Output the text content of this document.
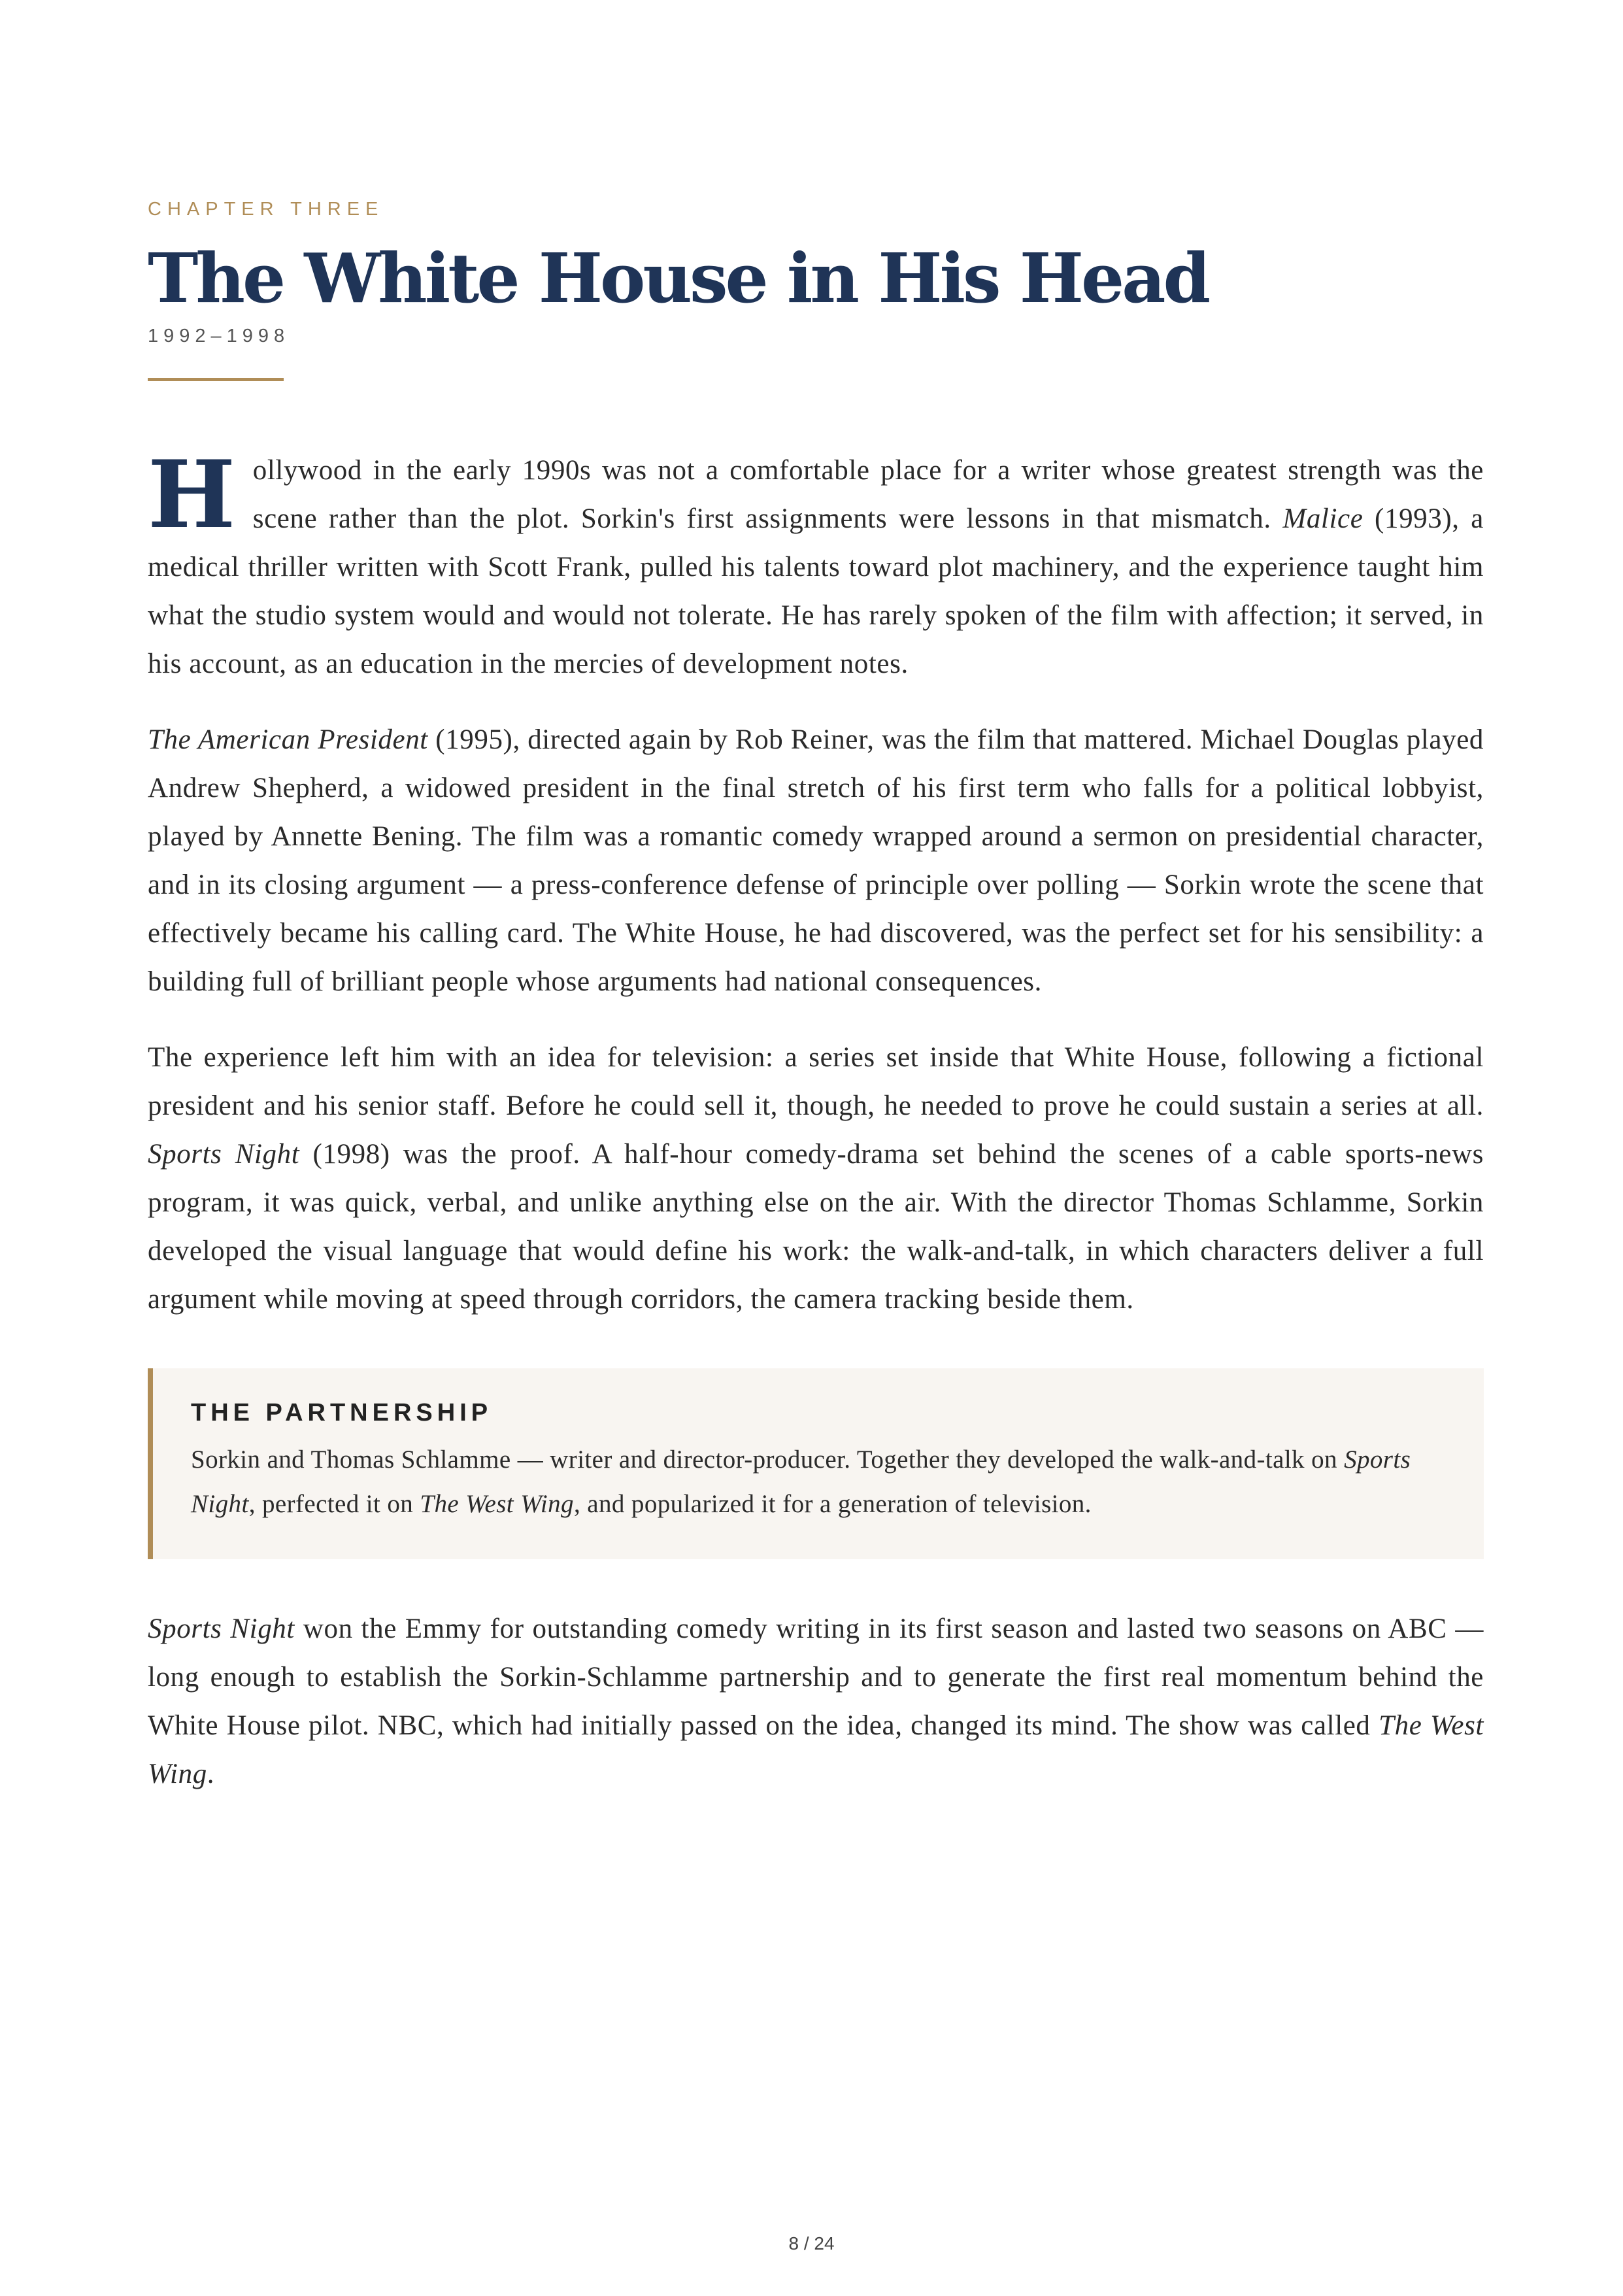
CHAPTER THREE
The White House in His Head
1992–1998

Hollywood in the early 1990s was not a comfortable place for a writer whose greatest strength was the scene rather than the plot. Sorkin's first assignments were lessons in that mismatch. Malice (1993), a medical thriller written with Scott Frank, pulled his talents toward plot machinery, and the experience taught him what the studio system would and would not tolerate. He has rarely spoken of the film with affection; it served, in his account, as an education in the mercies of development notes.

The American President (1995), directed again by Rob Reiner, was the film that mattered. Michael Douglas played Andrew Shepherd, a widowed president in the final stretch of his first term who falls for a political lobbyist, played by Annette Bening. The film was a romantic comedy wrapped around a sermon on presidential character, and in its closing argument — a press-conference defense of principle over polling — Sorkin wrote the scene that effectively became his calling card. The White House, he had discovered, was the perfect set for his sensibility: a building full of brilliant people whose arguments had national consequences.

The experience left him with an idea for television: a series set inside that White House, following a fictional president and his senior staff. Before he could sell it, though, he needed to prove he could sustain a series at all. Sports Night (1998) was the proof. A half-hour comedy-drama set behind the scenes of a cable sports-news program, it was quick, verbal, and unlike anything else on the air. With the director Thomas Schlamme, Sorkin developed the visual language that would define his work: the walk-and-talk, in which characters deliver a full argument while moving at speed through corridors, the camera tracking beside them.

THE PARTNERSHIP

Sorkin and Thomas Schlamme — writer and director-producer. Together they developed the walk-and-talk on Sports Night, perfected it on The West Wing, and popularized it for a generation of television.

Sports Night won the Emmy for outstanding comedy writing in its first season and lasted two seasons on ABC — long enough to establish the Sorkin-Schlamme partnership and to generate the first real momentum behind the White House pilot. NBC, which had initially passed on the idea, changed its mind. The show was called The West Wing.

8 / 24
